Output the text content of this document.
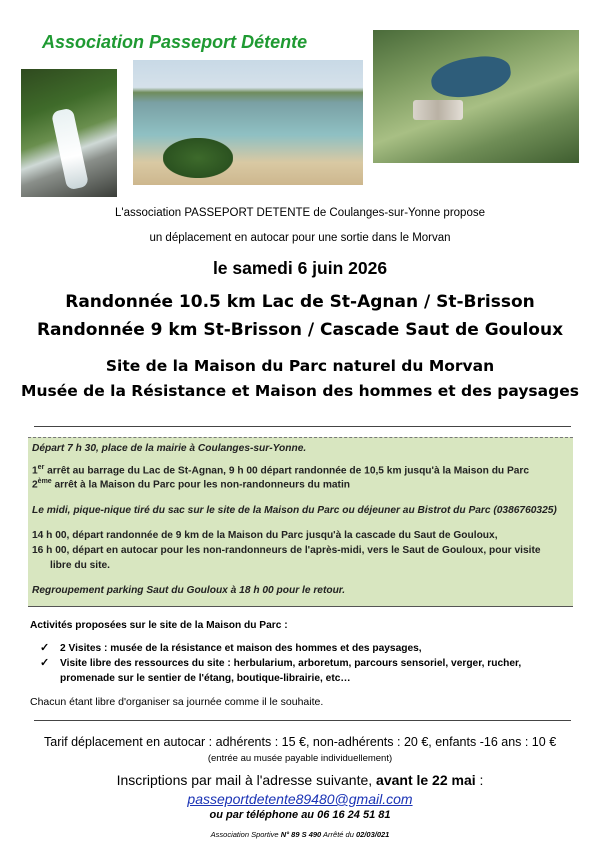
Association Passeport Détente
L'association PASSEPORT DETENTE de Coulanges-sur-Yonne propose
un déplacement en autocar pour une sortie dans le Morvan
le samedi 6 juin 2026
Randonnée 10.5 km Lac de St-Agnan / St-Brisson
Randonnée 9 km St-Brisson / Cascade Saut de Gouloux
Site de la Maison du Parc naturel du Morvan
Musée de la Résistance et Maison des hommes et des paysages
Départ 7 h 30, place de la mairie à Coulanges-sur-Yonne.
1er arrêt au barrage du Lac de St-Agnan, 9 h 00 départ randonnée de 10,5 km jusqu'à la Maison du Parc
2ème arrêt à la Maison du Parc pour les non-randonneurs du matin
Le midi, pique-nique tiré du sac sur le site de la Maison du Parc ou déjeuner au Bistrot du Parc (0386760325)
14 h 00, départ randonnée de 9 km de la Maison du Parc jusqu'à la cascade du Saut de Gouloux,
16 h 00, départ en autocar pour les non-randonneurs de l'après-midi, vers le Saut de Gouloux, pour visite
libre du site.
Regroupement parking Saut du Gouloux à 18 h 00 pour le retour.
Activités proposées sur le site de la Maison du Parc :
✓ 2 Visites : musée de la résistance et maison des hommes et des paysages,
✓ Visite libre des ressources du site : herbularium, arboretum, parcours sensoriel, verger, rucher,
promenade sur le sentier de l'étang, boutique-librairie, etc…
Chacun étant libre d'organiser sa journée comme il le souhaite.
Tarif déplacement en autocar : adhérents : 15 €, non-adhérents : 20 €, enfants -16 ans : 10 €
(entrée au musée payable individuellement)
Inscriptions par mail à l'adresse suivante, avant le 22 mai :
passeportdetente89480@gmail.com
ou par téléphone au 06 16 24 51 81
Association Sportive N° 89 S 490 Arrêté du 02/03/021
